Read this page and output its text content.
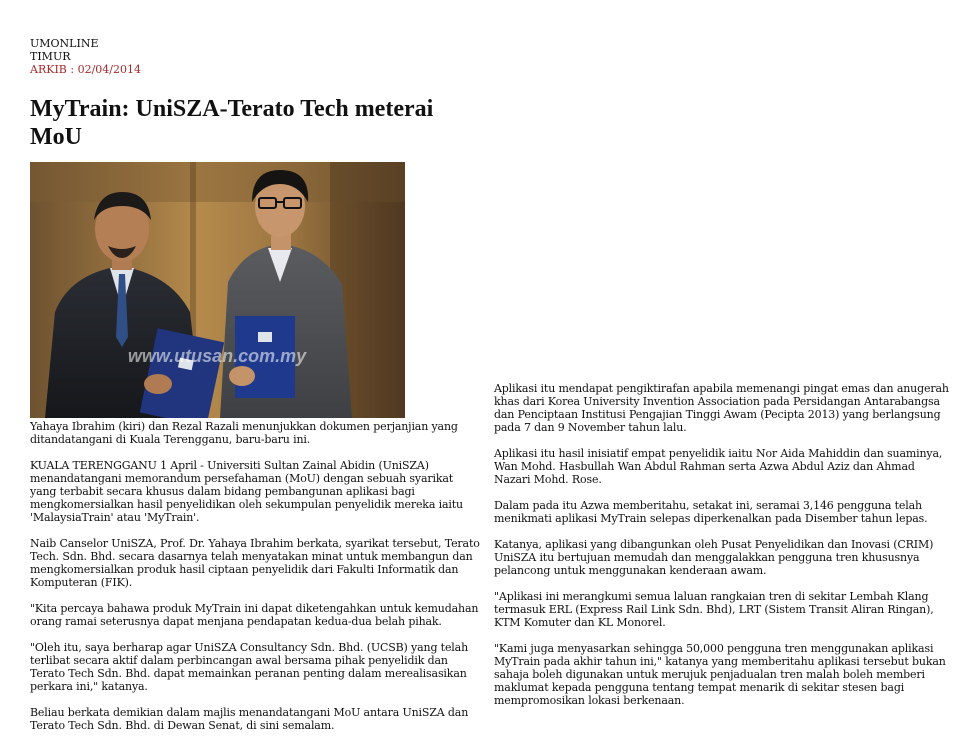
UMONLINE
TIMUR
ARKIB : 02/04/2014
MyTrain: UniSZA-Terato Tech meterai MoU
www.utusan.com.my

Yahaya Ibrahim (kiri) dan Rezal Razali menunjukkan dokumen perjanjian yang ditandatangani di Kuala Terengganu, baru-baru ini.

KUALA TERENGGANU 1 April - Universiti Sultan Zainal Abidin (UniSZA) menandatangani memorandum persefahaman (MoU) dengan sebuah syarikat yang terbabit secara khusus dalam bidang pembangunan aplikasi bagi mengkomersialkan hasil penyelidikan oleh sekumpulan penyelidik mereka iaitu 'MalaysiaTrain' atau 'MyTrain'.

Naib Canselor UniSZA, Prof. Dr. Yahaya Ibrahim berkata, syarikat tersebut, Terato Tech. Sdn. Bhd. secara dasarnya telah menyatakan minat untuk membangun dan mengkomersialkan produk hasil ciptaan penyelidik dari Fakulti Informatik dan Komputeran (FIK).

"Kita percaya bahawa produk MyTrain ini dapat diketengahkan untuk kemudahan orang ramai seterusnya dapat menjana pendapatan kedua-dua belah pihak.

"Oleh itu, saya berharap agar UniSZA Consultancy Sdn. Bhd. (UCSB) yang telah terlibat secara aktif dalam perbincangan awal bersama pihak penyelidik dan Terato Tech Sdn. Bhd. dapat memainkan peranan penting dalam merealisasikan perkara ini," katanya.

Beliau berkata demikian dalam majlis menandatangani MoU antara UniSZA dan Terato Tech Sdn. Bhd. di Dewan Senat, di sini semalam.

Aplikasi itu mendapat pengiktirafan apabila memenangi pingat emas dan anugerah khas dari Korea University Invention Association pada Persidangan Antarabangsa dan Penciptaan Institusi Pengajian Tinggi Awam (Pecipta 2013) yang berlangsung pada 7 dan 9 November tahun lalu.

Aplikasi itu hasil inisiatif empat penyelidik iaitu Nor Aida Mahiddin dan suaminya, Wan Mohd. Hasbullah Wan Abdul Rahman serta Azwa Abdul Aziz dan Ahmad Nazari Mohd. Rose.

Dalam pada itu Azwa memberitahu, setakat ini, seramai 3,146 pengguna telah menikmati aplikasi MyTrain selepas diperkenalkan pada Disember tahun lepas.

Katanya, aplikasi yang dibangunkan oleh Pusat Penyelidikan dan Inovasi (CRIM) UniSZA itu bertujuan memudah dan menggalakkan pengguna tren khususnya pelancong untuk menggunakan kenderaan awam.

"Aplikasi ini merangkumi semua laluan rangkaian tren di sekitar Lembah Klang termasuk ERL (Express Rail Link Sdn. Bhd), LRT (Sistem Transit Aliran Ringan), KTM Komuter dan KL Monorel.

"Kami juga menyasarkan sehingga 50,000 pengguna tren menggunakan aplikasi MyTrain pada akhir tahun ini," katanya yang memberitahu aplikasi tersebut bukan sahaja boleh digunakan untuk merujuk penjadualan tren malah boleh memberi maklumat kepada pengguna tentang tempat menarik di sekitar stesen bagi mempromosikan lokasi berkenaan.
